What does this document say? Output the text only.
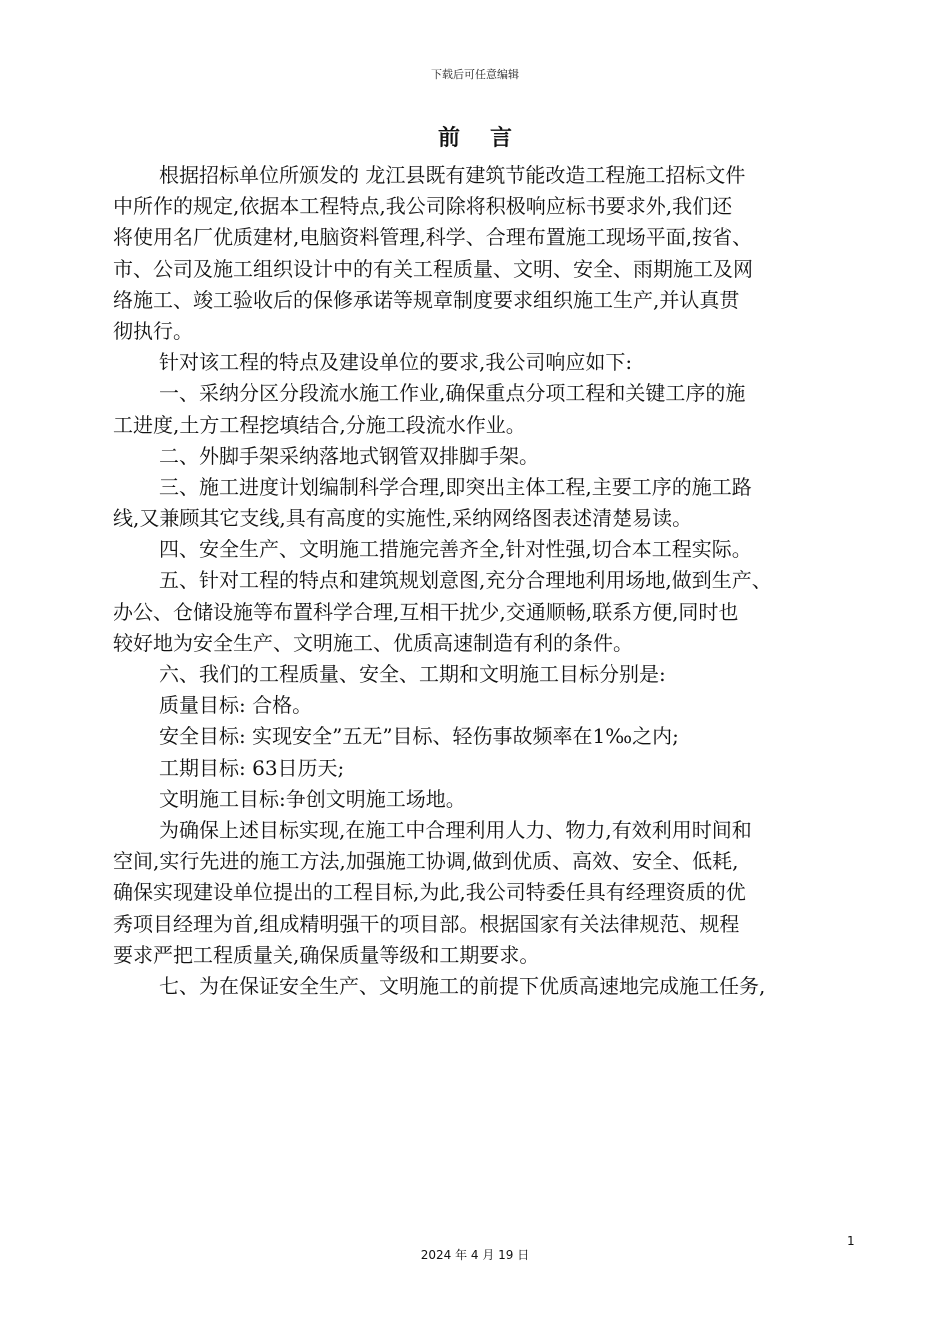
下载后可任意编辑
前言
根据招标单位所颁发的 龙江县既有建筑节能改造工程施工招标文件
中所作的规定,依据本工程特点,我公司除将积极响应标书要求外,我们还
将使用名厂优质建材,电脑资料管理,科学、合理布置施工现场平面,按省、
市、公司及施工组织设计中的有关工程质量、文明、安全、雨期施工及网
络施工、竣工验收后的保修承诺等规章制度要求组织施工生产,并认真贯
彻执行。
针对该工程的特点及建设单位的要求,我公司响应如下:
一、采纳分区分段流水施工作业,确保重点分项工程和关键工序的施
工进度,土方工程挖填结合,分施工段流水作业。
二、外脚手架采纳落地式钢管双排脚手架。
三、施工进度计划编制科学合理,即突出主体工程,主要工序的施工路
线,又兼顾其它支线,具有高度的实施性,采纳网络图表述清楚易读。
四、安全生产、文明施工措施完善齐全,针对性强,切合本工程实际。
五、针对工程的特点和建筑规划意图,充分合理地利用场地,做到生产、
办公、仓储设施等布置科学合理,互相干扰少,交通顺畅,联系方便,同时也
较好地为安全生产、文明施工、优质高速制造有利的条件。
六、我们的工程质量、安全、工期和文明施工目标分别是:
质量目标: 合格。
安全目标: 实现安全”五无”目标、轻伤事故频率在1‰之内;
工期目标: 63日历天;
文明施工目标:争创文明施工场地。
为确保上述目标实现,在施工中合理利用人力、物力,有效利用时间和
空间,实行先进的施工方法,加强施工协调,做到优质、高效、安全、低耗,
确保实现建设单位提出的工程目标,为此,我公司特委任具有经理资质的优
秀项目经理为首,组成精明强干的项目部。根据国家有关法律规范、规程
要求严把工程质量关,确保质量等级和工期要求。
七、为在保证安全生产、文明施工的前提下优质高速地完成施工任务,
1
2024 年 4 月 19 日
